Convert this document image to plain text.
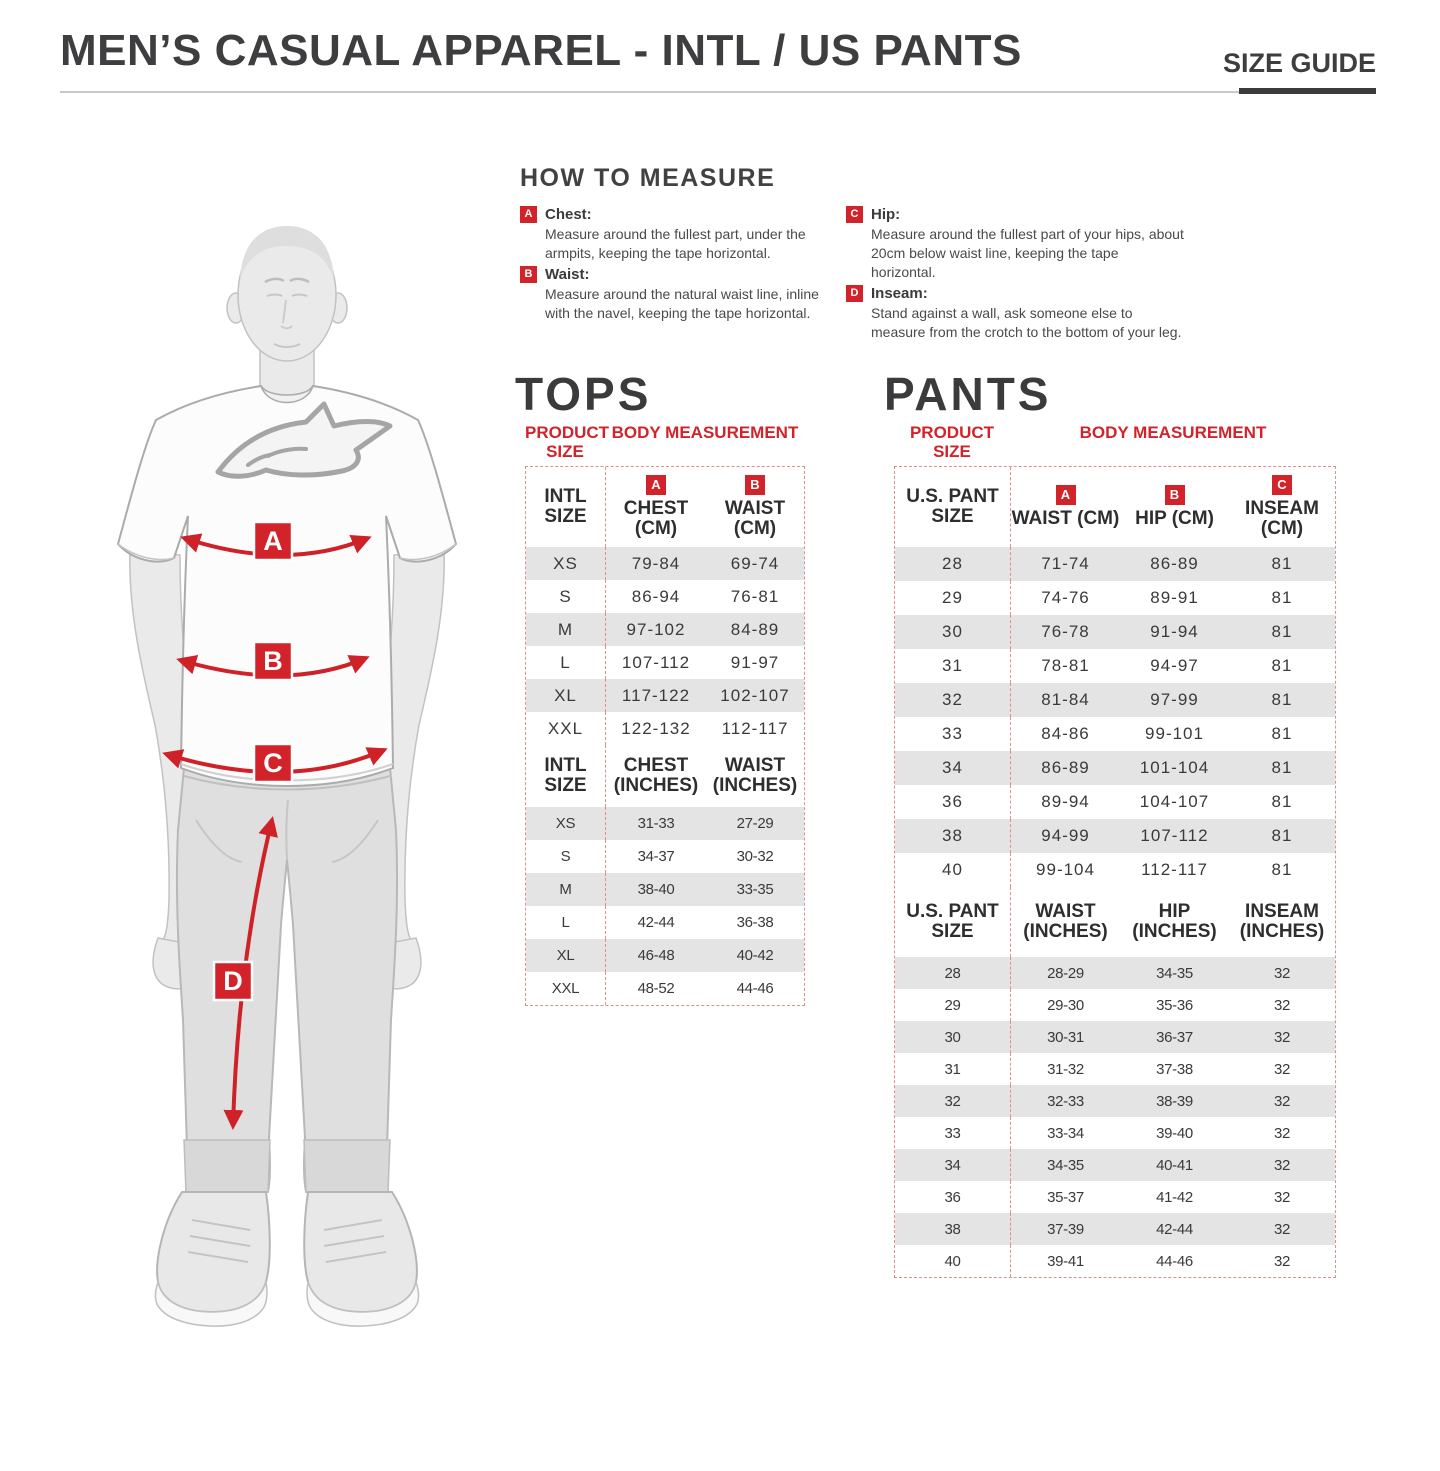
MEN’S CASUAL APPAREL - INTL / US PANTS	SIZE GUIDE
A
B
C
D
HOW TO MEASURE
A Chest:

Measure around the fullest part, under the armpits, keeping the tape horizontal.

B Waist:

Measure around the natural waist line, inline with the navel, keeping the tape horizontal.

C Hip:

Measure around the fullest part of your hips, about 20cm below waist line, keeping the tape horizontal.

D Inseam:

Stand against a wall, ask someone else to measure from the crotch to the bottom of your leg.

TOPS
PRODUCT SIZE
BODY MEASUREMENT
INTL SIZE
A
CHEST (CM)
B
WAIST (CM)
XS	79-84	69-74
S	86-94	76-81
M	97-102	84-89
L	107-112	91-97
XL	117-122	102-107
XXL	122-132	112-117
INTL SIZE
CHEST (INCHES)
WAIST (INCHES)
XS	31-33	27-29
S	34-37	30-32
M	38-40	33-35
L	42-44	36-38
XL	46-48	40-42
XXL	48-52	44-46
PANTS
PRODUCT SIZE
BODY MEASUREMENT
U.S. PANT SIZE
A
WAIST (CM)
B
HIP (CM)
C
INSEAM (CM)
28	71-74	86-89	81
29	74-76	89-91	81
30	76-78	91-94	81
31	78-81	94-97	81
32	81-84	97-99	81
33	84-86	99-101	81
34	86-89	101-104	81
36	89-94	104-107	81
38	94-99	107-112	81
40	99-104	112-117	81
U.S. PANT SIZE
WAIST (INCHES)
HIP (INCHES)
INSEAM (INCHES)
28	28-29	34-35	32
29	29-30	35-36	32
30	30-31	36-37	32
31	31-32	37-38	32
32	32-33	38-39	32
33	33-34	39-40	32
34	34-35	40-41	32
36	35-37	41-42	32
38	37-39	42-44	32
40	39-41	44-46	32
